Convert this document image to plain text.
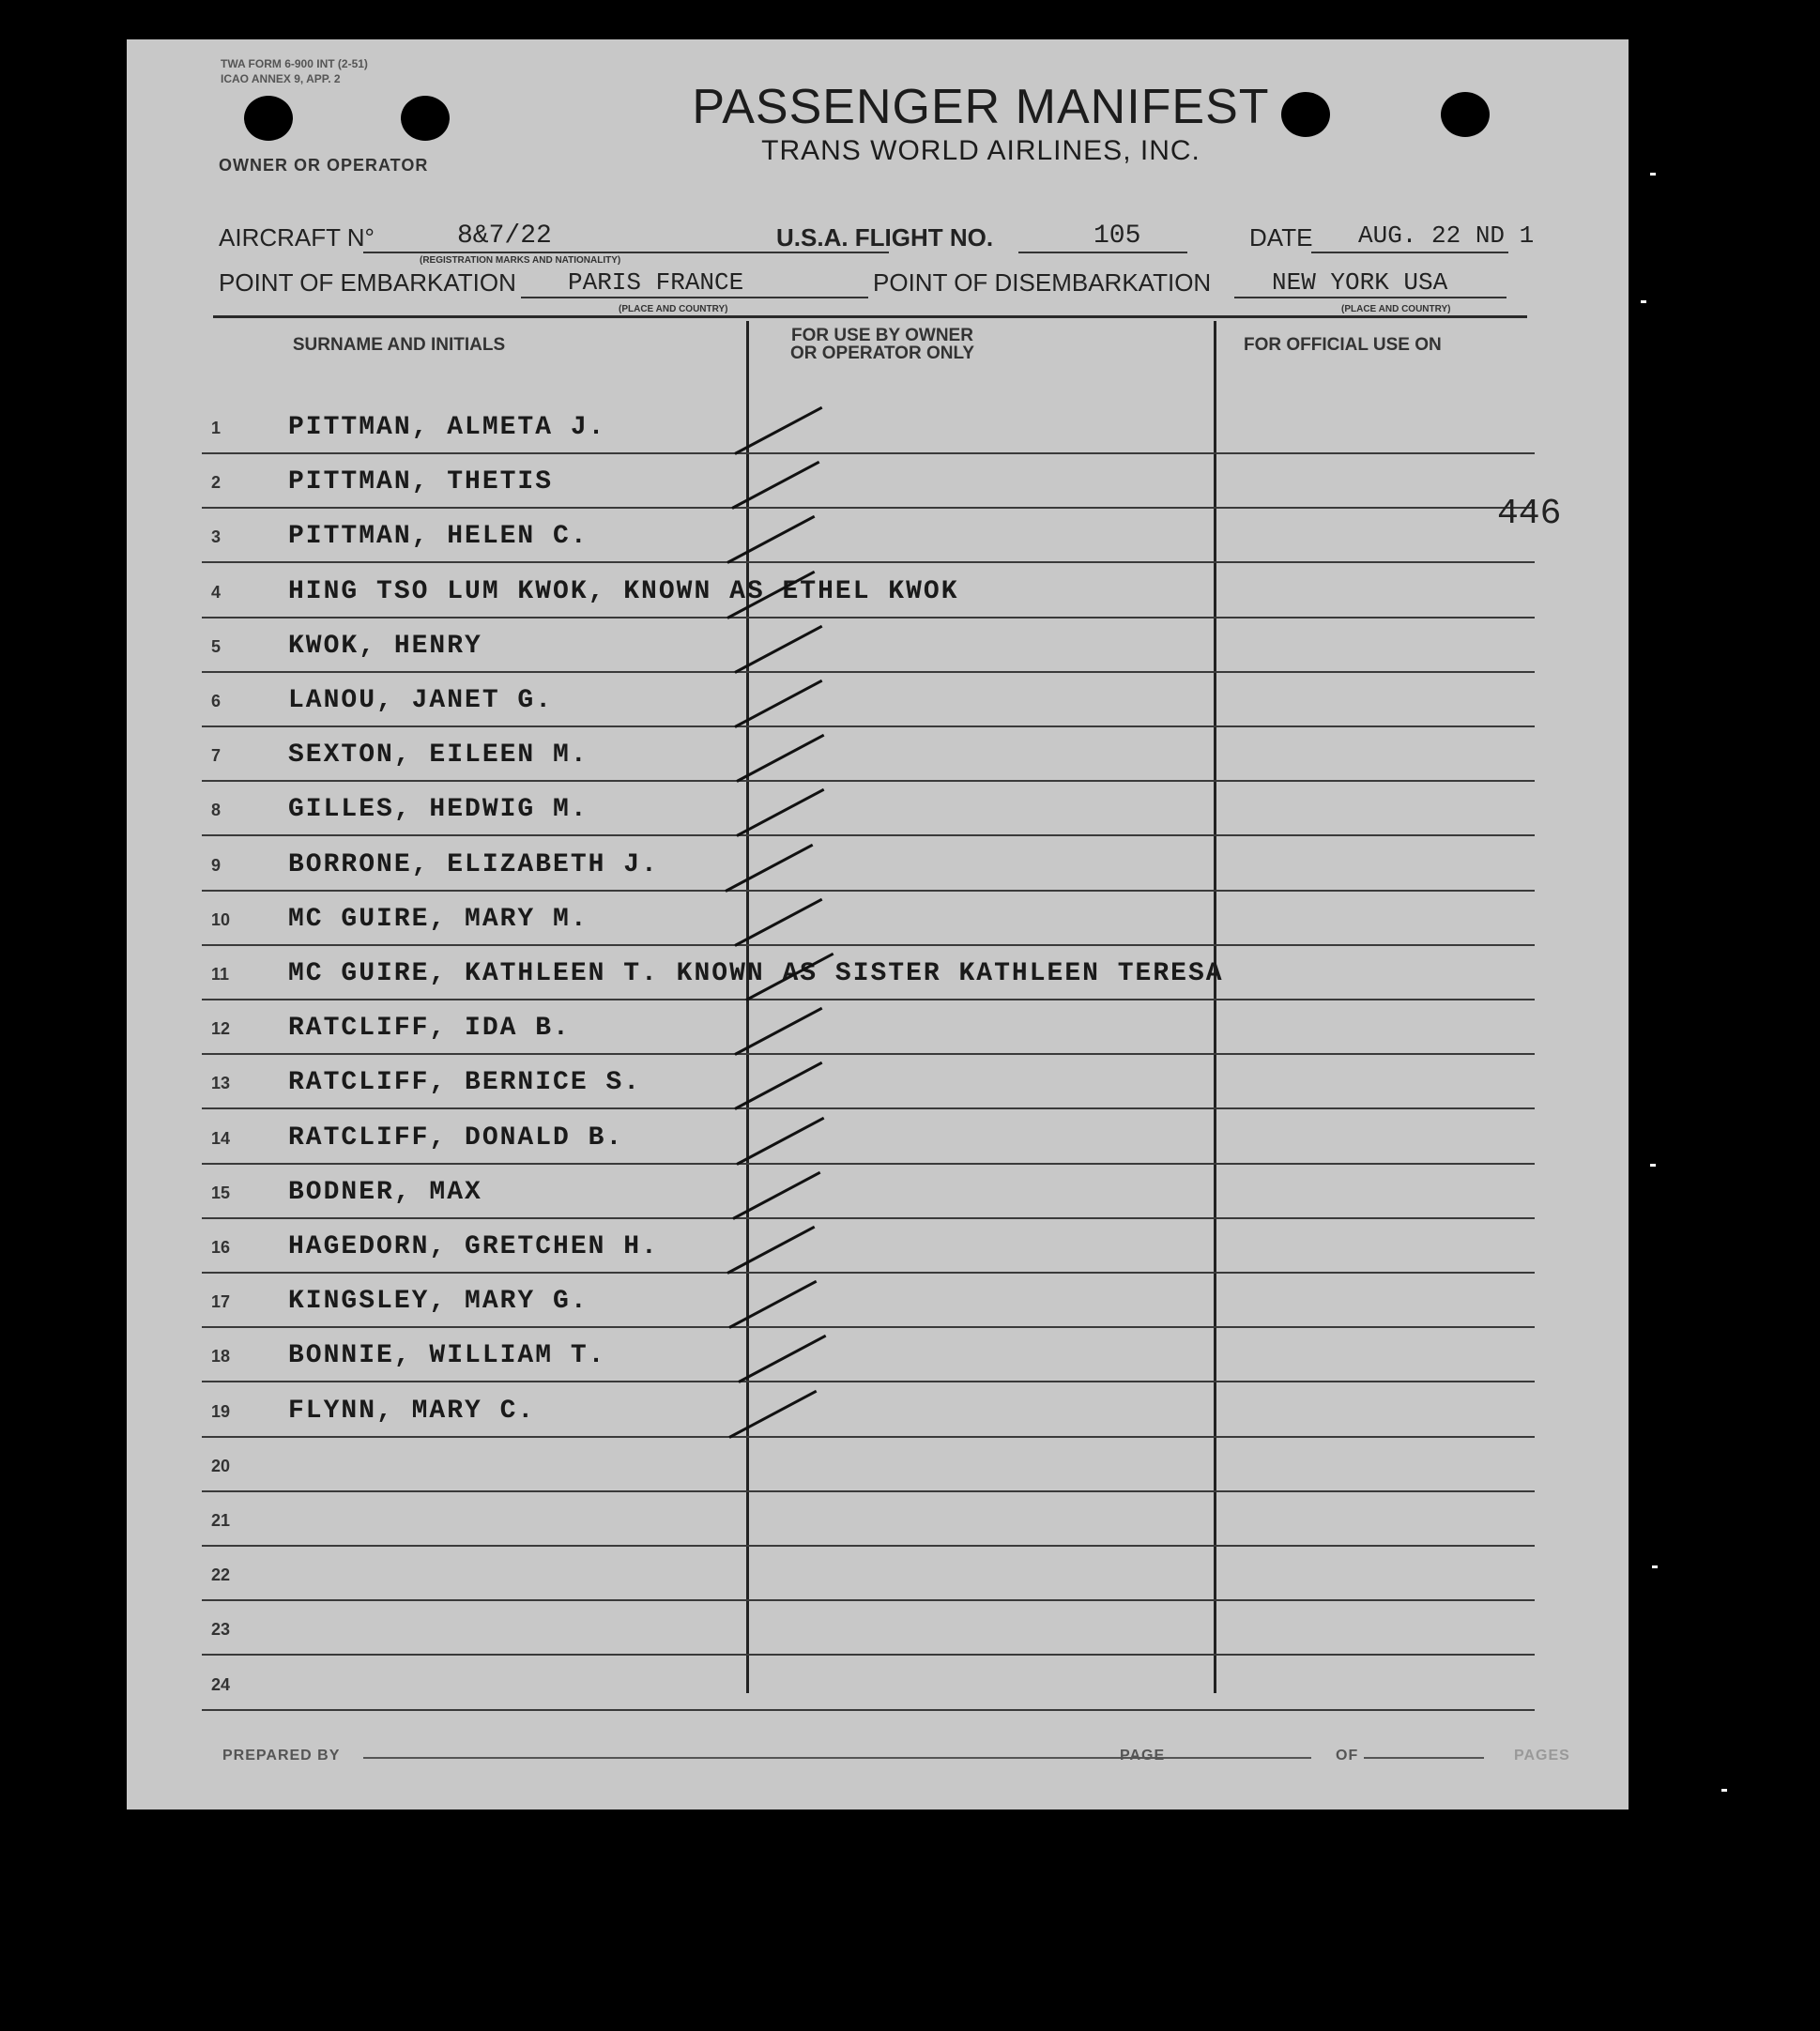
TWA FORM 6-900 INT (2-51)
ICAO ANNEX 9, APP. 2
PASSENGER MANIFEST
TRANS WORLD AIRLINES, INC.
OWNER OR OPERATOR
AIRCRAFT N°	8&7/22
(REGISTRATION MARKS AND NATIONALITY)
U.S.A. FLIGHT NO.	105	DATE AUG. 22 ND 1
POINT OF EMBARKATION PARIS FRANCE
(PLACE AND COUNTRY)
POINT OF DISEMBARKATION NEW YORK USA
(PLACE AND COUNTRY)
SURNAME AND INITIALS	FOR USE BY OWNER
OR OPERATOR ONLY	FOR OFFICIAL USE ON
1	PITTMAN, ALMETA J.
2	PITTMAN, THETIS
3	PITTMAN, HELEN C.
4	HING TSO LUM KWOK, KNOWN AS ETHEL KWOK
5	KWOK, HENRY
6	LANOU, JANET G.
7	SEXTON, EILEEN M.
8	GILLES, HEDWIG M.
9	BORRONE, ELIZABETH J.
10	MC GUIRE, MARY M.
11	MC GUIRE, KATHLEEN T. KNOWN AS SISTER KATHLEEN TERESA
12	RATCLIFF, IDA B.
13	RATCLIFF, BERNICE S.
14	RATCLIFF, DONALD B.
15	BODNER, MAX
16	HAGEDORN, GRETCHEN H.
17	KINGSLEY, MARY G.
18	BONNIE, WILLIAM T.
19	FLYNN, MARY C.
20
21
22
23
24
446
PREPARED BY	PAGE	OF	PAGES
